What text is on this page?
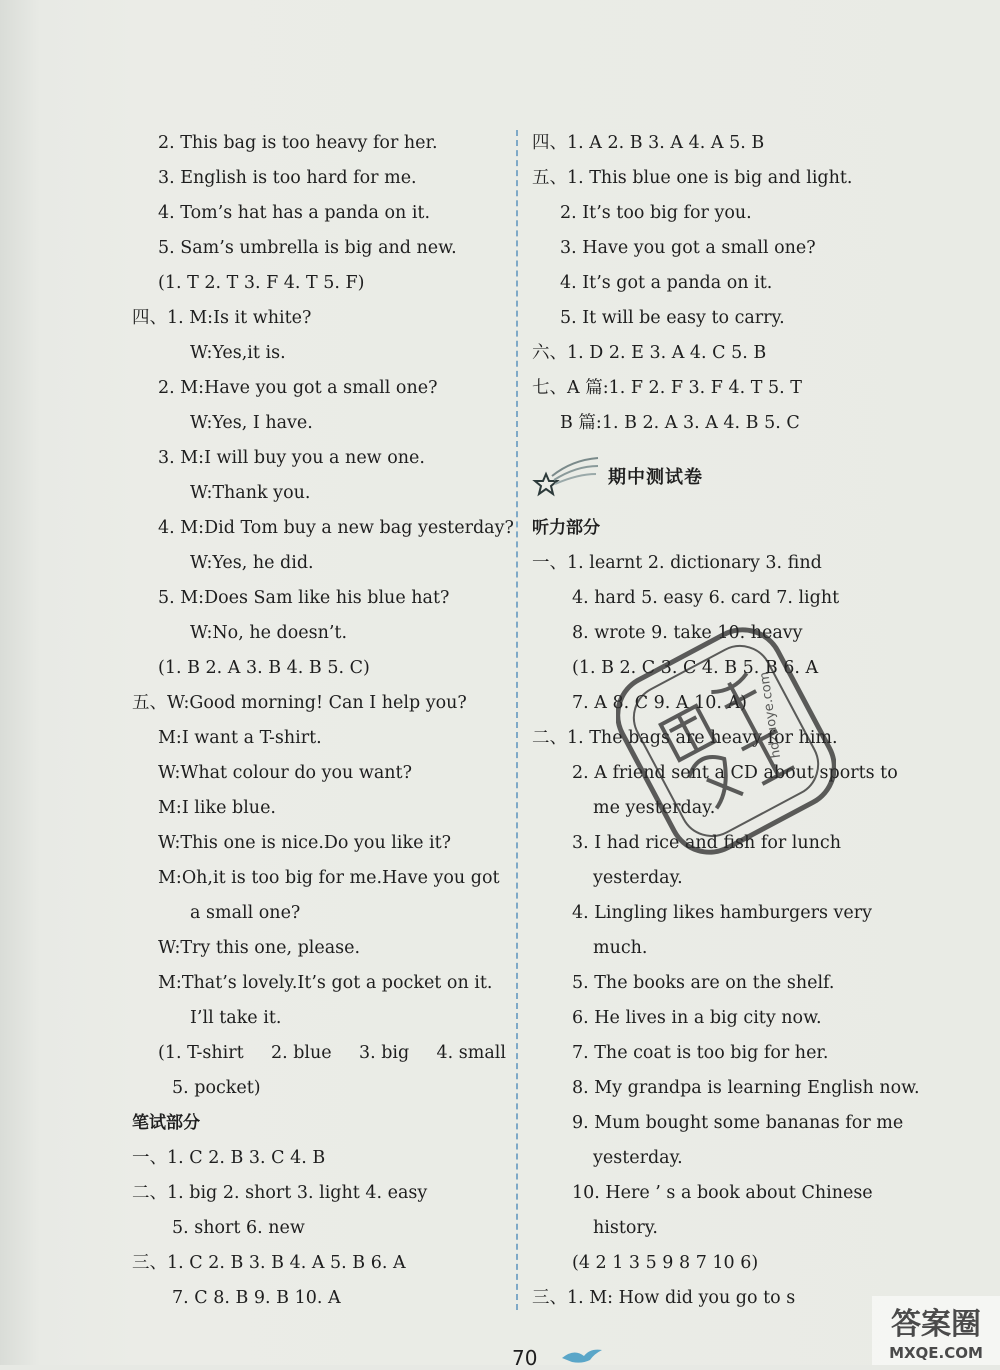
2. This bag is too heavy for her.
3. English is too hard for me.
4. Tom’s hat has a panda on it.
5. Sam’s umbrella is big and new.
(1. T 2. T 3. F 4. T 5. F)
四、1. M:Is it white?
W:Yes,it is.
2. M:Have you got a small one?
W:Yes, I have.
3. M:I will buy you a new one.
W:Thank you.
4. M:Did Tom buy a new bag yesterday?
W:Yes, he did.
5. M:Does Sam like his blue hat?
W:No, he doesn’t.
(1. B 2. A 3. B 4. B 5. C)
五、W:Good morning! Can I help you?
M:I want a T-shirt.
W:What colour do you want?
M:I like blue.
W:This one is nice.Do you like it?
M:Oh,it is too big for me.Have you got
a small one?
W:Try this one, please.
M:That’s lovely.It’s got a pocket on it.
I’ll take it.
(1. T-shirt 2. blue 3. big 4. small
5. pocket)
笔试部分
一、1. C 2. B 3. C 4. B
二、1. big 2. short 3. light 4. easy
5. short 6. new
三、1. C 2. B 3. B 4. A 5. B 6. A
7. C 8. B 9. B 10. A
四、1. A 2. B 3. A 4. A 5. B
五、1. This blue one is big and light.
2. It’s too big for you.
3. Have you got a small one?
4. It’s got a panda on it.
5. It will be easy to carry.
六、1. D 2. E 3. A 4. C 5. B
七、A 篇:1. F 2. F 3. F 4. T 5. T
B 篇:1. B 2. A 3. A 4. B 5. C
期中测试卷
听力部分
一、1. learnt 2. dictionary 3. find
4. hard 5. easy 6. card 7. light
8. wrote 9. take 10. heavy
(1. B 2. C 3. C 4. B 5. B 6. A
7. A 8. C 9. A 10. A)
二、1. The bags are heavy for him.
2. A friend sent a CD about sports to
me yesterday.
3. I had rice and fish for lunch
yesterday.
4. Lingling likes hamburgers very
much.
5. The books are on the shelf.
6. He lives in a big city now.
7. The coat is too big for her.
8. My grandpa is learning English now.
9. Mum bought some bananas for me
yesterday.
10. Here ’ s a book about Chinese
history.
(4 2 1 3 5 9 8 7 10 6)
三、1. M: How did you go to s
hdzuoye.com
70
答案圈
MXQE.COM
